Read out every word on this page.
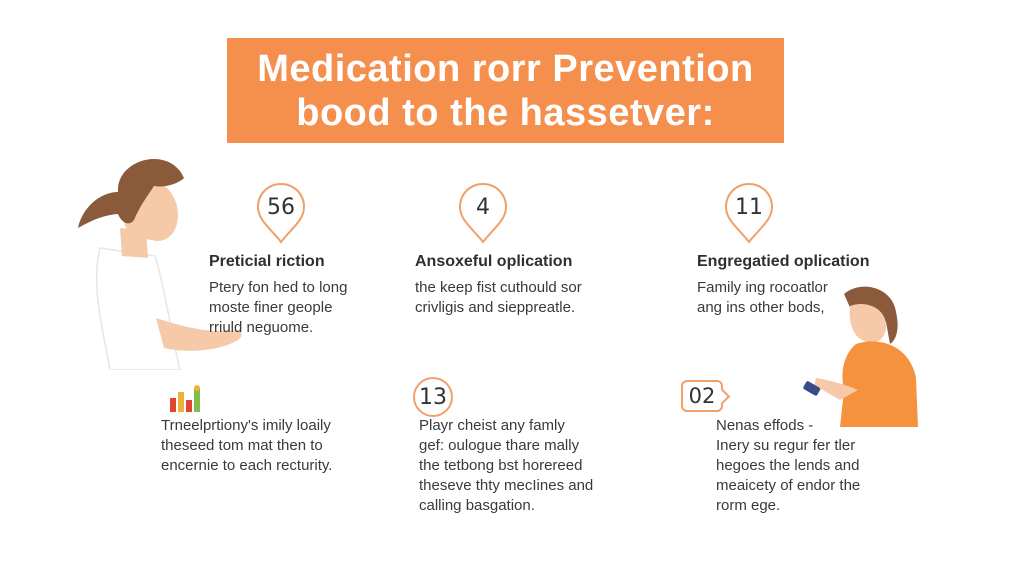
Medication rorr Prevention
bood to the hassetver:
56
Preticial riction
Ptery fon hed to long
moste finer geople
rriuld neguome.
4
Ansoxeful oplication
the keep fist cuthould sor
crivligis and sieppreatle.
11
Engregatied oplication
Family ing rocoatlor
ang ins other bods,
Trneelprtiony's imily loaily
thesеed tom mat then to
encernie to each recturity.
13
Playr cheist any famly
gef: oulogue thare mally
the tetbong bst horereed
thesеve thty mecIines and
calling basgation.
02
Nenas effods -
Inery su regur fer tler
hegoes the lends and
meaicety of endor the
rorm ege.
